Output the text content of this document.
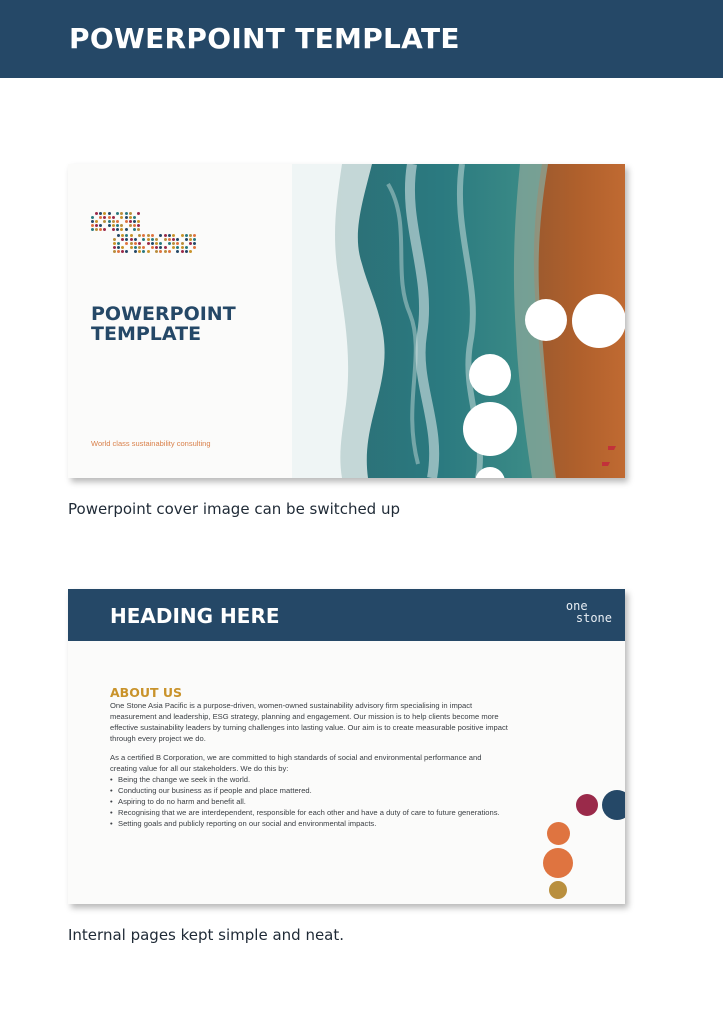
POWERPOINT TEMPLATE
POWERPOINT
TEMPLATE
World class sustainability consulting
Powerpoint cover image can be switched up
HEADING HERE	one
stone
ABOUT US

One Stone Asia Pacific is a purpose-driven, women-owned sustainability advisory firm specialising in impact measurement and leadership, ESG strategy, planning and engagement. Our mission is to help clients become more effective sustainability leaders by turning challenges into lasting value. Our aim is to create measurable positive impact through every project we do.

As a certified B Corporation, we are committed to high standards of social and environmental performance and creating value for all our stakeholders. We do this by:

• Being the change we seek in the world.
• Conducting our business as if people and place mattered.
• Aspiring to do no harm and benefit all.
• Recognising that we are interdependent, responsible for each other and have a duty of care to future generations.
• Setting goals and publicly reporting on our social and environmental impacts.
Internal pages kept simple and neat.
